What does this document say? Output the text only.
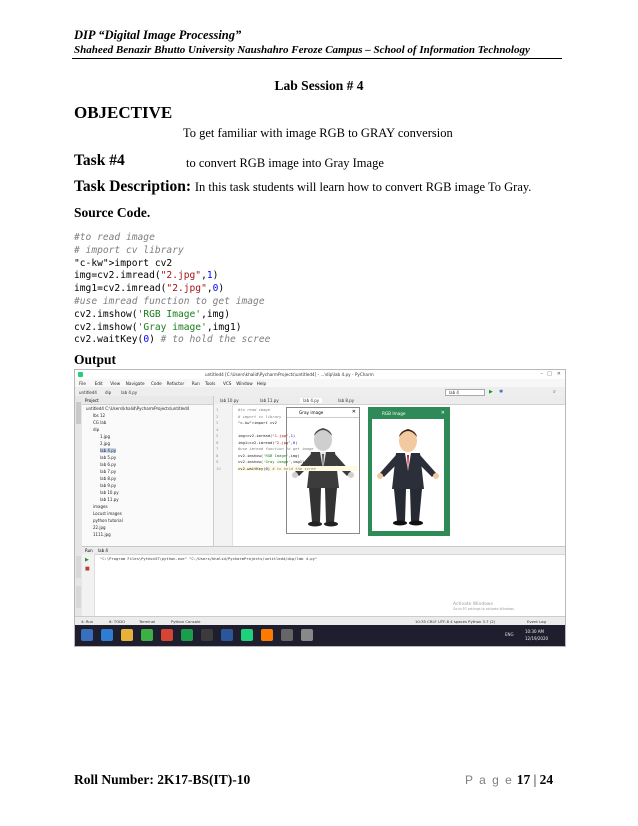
DIP “Digital Image Processing”
Shaheed Benazir Bhutto University Naushahro Feroze Campus – School of Information Technology
Lab Session # 4
OBJECTIVE
To get familiar with image RGB to GRAY conversion
Task #4	to convert RGB image into Gray Image
Task Description: In this task students will learn how to convert RGB image To Gray.
Source Code.
#to read image
# import cv library
"c-kw">import cv2
img=cv2.imread("2.jpg",1)
img1=cv2.imread("2.jpg",0)
#use imread function to get image
cv2.imshow('RGB Image',img)
cv2.imshow('Gray image',img1)
cv2.waitKey(0) # to hold the scree
Output
untitled4 [C:\Users\khalid\PycharmProjects\untitled4] - ...\dip\lab 4.py - PyCharm	– □ ✕
File Edit View Navigate Code Refactor Run Tools VCS Window Help
untitled4 dip lab 4.py	lab 4	▶ ✱	⌕
Project
untitled4 C:\Users\khalid\PycharmProjects\untitled4
lbs 12
CG lab
dip
1.jpg
2.jpg
lab 4.py
lab 5.py
lab 6.py
lab 7.py
lab 8.py
lab 9.py
lab 10.py
lab 11.py
images
Locust images
python tutorial
22.jpg
1111.jpg
lab 10.py	lab 11.py	lab 4.py	lab 8.py
Gray image	✕	RGB Image	✕
1	#to read image
2	# import cv library
3	"c-kw">import cv2
4
5	img=cv2.imread("1.jpg",1)
6	img1=cv2.imread("2.jpg",0)
7	#use imread function to get image
8	cv2.imshow('RGB Image',img)
9	cv2.imshow('Gray image',img1)
10	cv2.waitKey(0) # to hold the scree
Run lab 4
▶
■
"C:\Program Files\Python37\python.exe" "C:/Users/khalid/PycharmProjects/untitled4/dip/lab 4.py"
Activate Windows
Go to PC settings to activate Windows.
4: Run	6: TODO	Terminal	Python Console	10:35 CRLF UTF-8 4 spaces Python 3.7 (2)	Event Log
ENG
10:30 AM
12/19/2020
Roll Number: 2K17-BS(IT)-10	P a g e 17 | 24
